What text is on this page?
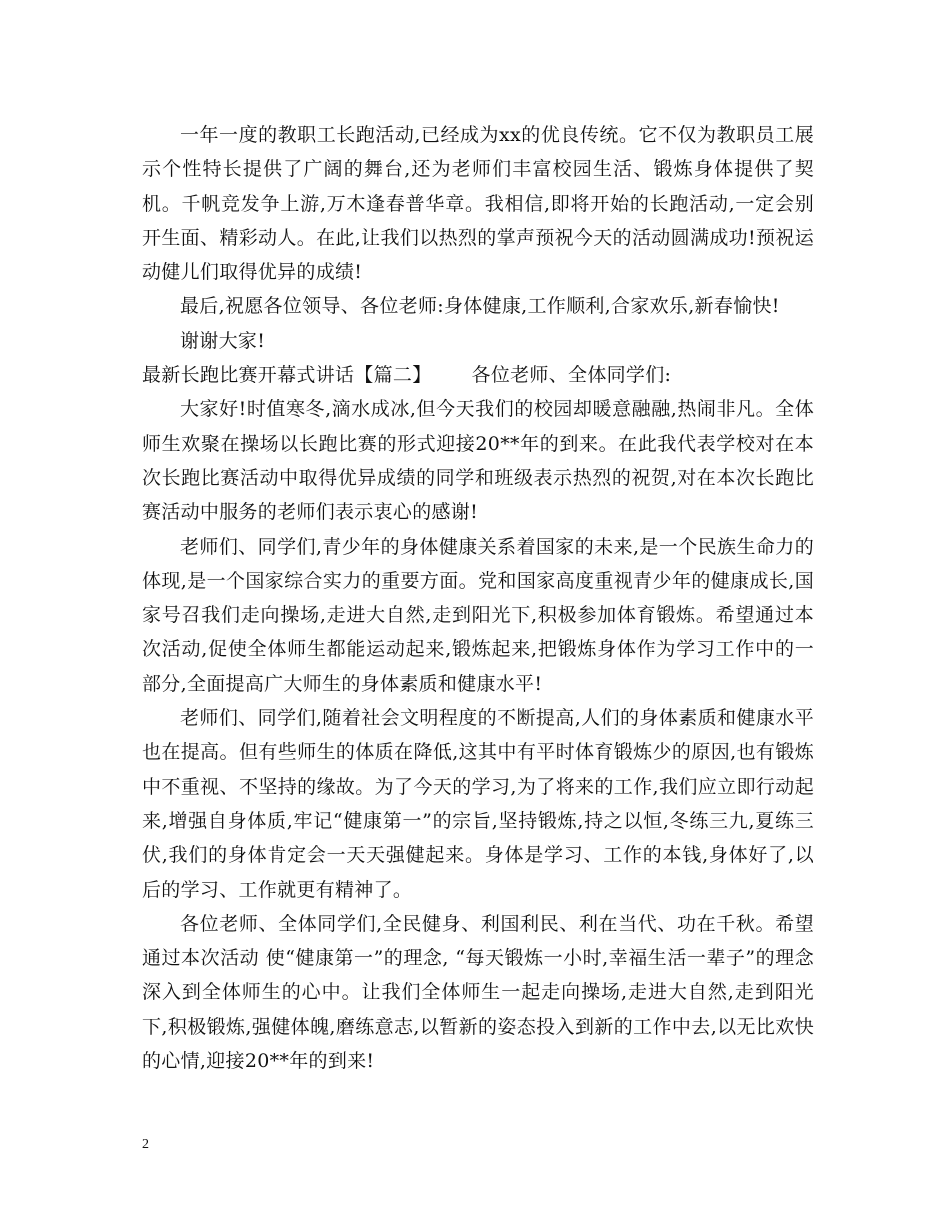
一年一度的教职工长跑活动,已经成为xx的优良传统。它不仅为教职员工展示个性特长提供了广阔的舞台,还为老师们丰富校园生活、锻炼身体提供了契机。千帆竞发争上游,万木逢春普华章。我相信,即将开始的长跑活动,一定会别开生面、精彩动人。在此,让我们以热烈的掌声预祝今天的活动圆满成功!预祝运动健儿们取得优异的成绩!

最后,祝愿各位领导、各位老师:身体健康,工作顺利,合家欢乐,新春愉快!

谢谢大家!

最新长跑比赛开幕式讲话【篇二】 各位老师、全体同学们:

大家好!时值寒冬,滴水成冰,但今天我们的校园却暖意融融,热闹非凡。全体师生欢聚在操场以长跑比赛的形式迎接20**年的到来。在此我代表学校对在本次长跑比赛活动中取得优异成绩的同学和班级表示热烈的祝贺,对在本次长跑比赛活动中服务的老师们表示衷心的感谢!

老师们、同学们,青少年的身体健康关系着国家的未来,是一个民族生命力的体现,是一个国家综合实力的重要方面。党和国家高度重视青少年的健康成长,国家号召我们走向操场,走进大自然,走到阳光下,积极参加体育锻炼。希望通过本次活动,促使全体师生都能运动起来,锻炼起来,把锻炼身体作为学习工作中的一部分,全面提高广大师生的身体素质和健康水平!

老师们、同学们,随着社会文明程度的不断提高,人们的身体素质和健康水平也在提高。但有些师生的体质在降低,这其中有平时体育锻炼少的原因,也有锻炼中不重视、不坚持的缘故。为了今天的学习,为了将来的工作,我们应立即行动起来,增强自身体质,牢记“健康第一”的宗旨,坚持锻炼,持之以恒,冬练三九,夏练三伏,我们的身体肯定会一天天强健起来。身体是学习、工作的本钱,身体好了,以后的学习、工作就更有精神了。

各位老师、全体同学们,全民健身、利国利民、利在当代、功在千秋。希望通过本次活动 使“健康第一”的理念, “每天锻炼一小时,幸福生活一辈子”的理念深入到全体师生的心中。让我们全体师生一起走向操场,走进大自然,走到阳光下,积极锻炼,强健体魄,磨练意志,以暂新的姿态投入到新的工作中去,以无比欢快的心情,迎接20**年的到来!

2
